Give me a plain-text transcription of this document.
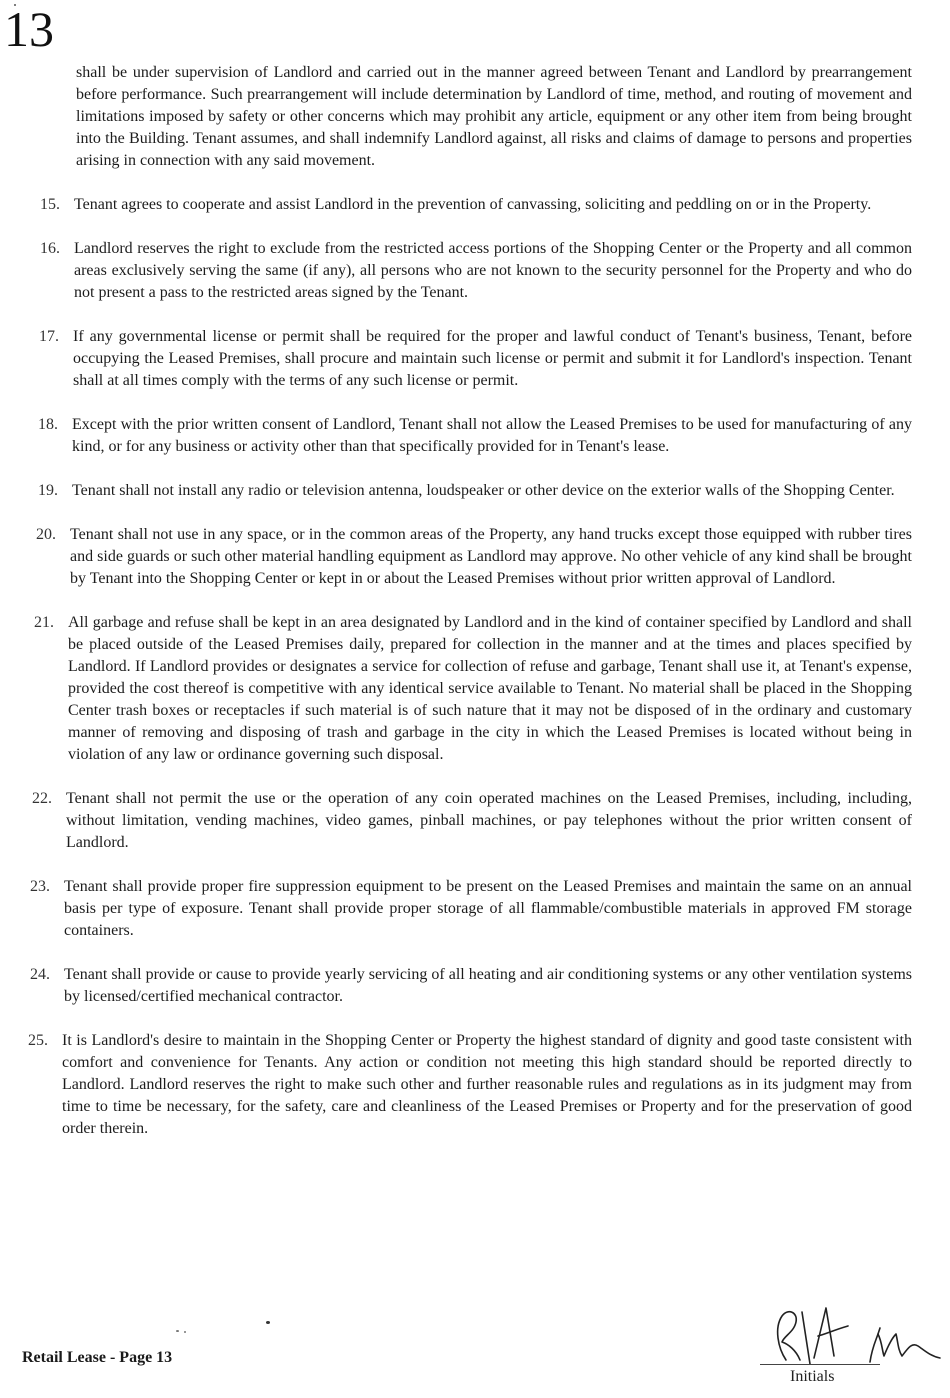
13

shall be under supervision of Landlord and carried out in the manner agreed between Tenant and Landlord by prearrangement before performance. Such prearrangement will include determination by Landlord of time, method, and routing of movement and limitations imposed by safety or other concerns which may prohibit any article, equipment or any other item from being brought into the Building. Tenant assumes, and shall indemnify Landlord against, all risks and claims of damage to persons and properties arising in connection with any said movement.

15. Tenant agrees to cooperate and assist Landlord in the prevention of canvassing, soliciting and peddling on or in the Property.
16. Landlord reserves the right to exclude from the restricted access portions of the Shopping Center or the Property and all common areas exclusively serving the same (if any), all persons who are not known to the security personnel for the Property and who do not present a pass to the restricted areas signed by the Tenant.
17. If any governmental license or permit shall be required for the proper and lawful conduct of Tenant's business, Tenant, before occupying the Leased Premises, shall procure and maintain such license or permit and submit it for Landlord's inspection. Tenant shall at all times comply with the terms of any such license or permit.
18. Except with the prior written consent of Landlord, Tenant shall not allow the Leased Premises to be used for manufacturing of any kind, or for any business or activity other than that specifically provided for in Tenant's lease.
19. Tenant shall not install any radio or television antenna, loudspeaker or other device on the exterior walls of the Shopping Center.
20. Tenant shall not use in any space, or in the common areas of the Property, any hand trucks except those equipped with rubber tires and side guards or such other material handling equipment as Landlord may approve. No other vehicle of any kind shall be brought by Tenant into the Shopping Center or kept in or about the Leased Premises without prior written approval of Landlord.
21. All garbage and refuse shall be kept in an area designated by Landlord and in the kind of container specified by Landlord and shall be placed outside of the Leased Premises daily, prepared for collection in the manner and at the times and places specified by Landlord. If Landlord provides or designates a service for collection of refuse and garbage, Tenant shall use it, at Tenant's expense, provided the cost thereof is competitive with any identical service available to Tenant. No material shall be placed in the Shopping Center trash boxes or receptacles if such material is of such nature that it may not be disposed of in the ordinary and customary manner of removing and disposing of trash and garbage in the city in which the Leased Premises is located without being in violation of any law or ordinance governing such disposal.
22. Tenant shall not permit the use or the operation of any coin operated machines on the Leased Premises, including, including, without limitation, vending machines, video games, pinball machines, or pay telephones without the prior written consent of Landlord.
23. Tenant shall provide proper fire suppression equipment to be present on the Leased Premises and maintain the same on an annual basis per type of exposure. Tenant shall provide proper storage of all flammable/combustible materials in approved FM storage containers.
24. Tenant shall provide or cause to provide yearly servicing of all heating and air conditioning systems or any other ventilation systems by licensed/certified mechanical contractor.
25. It is Landlord's desire to maintain in the Shopping Center or Property the highest standard of dignity and good taste consistent with comfort and convenience for Tenants. Any action or condition not meeting this high standard should be reported directly to Landlord. Landlord reserves the right to make such other and further reasonable rules and regulations as in its judgment may from time to time be necessary, for the safety, care and cleanliness of the Leased Premises or Property and for the preservation of good order therein.
Retail Lease - Page 13
Initials
